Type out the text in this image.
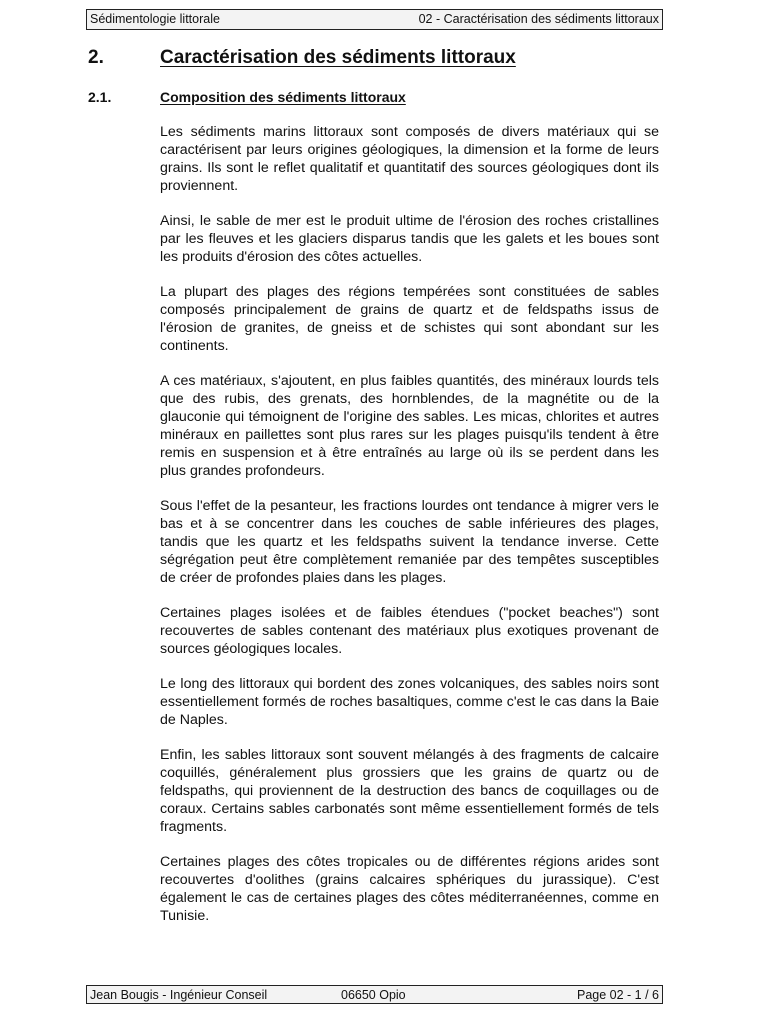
Sédimentologie littorale	02 - Caractérisation des sédiments littoraux
2.	Caractérisation des sédiments littoraux
2.1.	Composition des sédiments littoraux

Les sédiments marins littoraux sont composés de divers matériaux qui se caractérisent par leurs origines géologiques, la dimension et la forme de leurs grains. Ils sont le reflet qualitatif et quantitatif des sources géologiques dont ils proviennent.

Ainsi, le sable de mer est le produit ultime de l'érosion des roches cristallines par les fleuves et les glaciers disparus tandis que les galets et les boues sont les produits d'érosion des côtes actuelles.

La plupart des plages des régions tempérées sont constituées de sables composés principalement de grains de quartz et de feldspaths issus de l'érosion de granites, de gneiss et de schistes qui sont abondant sur les continents.

A ces matériaux, s'ajoutent, en plus faibles quantités, des minéraux lourds tels que des rubis, des grenats, des hornblendes, de la magnétite ou de la glauconie qui témoignent de l'origine des sables. Les micas, chlorites et autres minéraux en paillettes sont plus rares sur les plages puisqu'ils tendent à être remis en suspension et à être entraînés au large où ils se perdent dans les plus grandes profondeurs.

Sous l'effet de la pesanteur, les fractions lourdes ont tendance à migrer vers le bas et à se concentrer dans les couches de sable inférieures des plages, tandis que les quartz et les feldspaths suivent la tendance inverse. Cette ségrégation peut être complètement remaniée par des tempêtes susceptibles de créer de profondes plaies dans les plages.

Certaines plages isolées et de faibles étendues ("pocket beaches") sont recouvertes de sables contenant des matériaux plus exotiques provenant de sources géologiques locales.

Le long des littoraux qui bordent des zones volcaniques, des sables noirs sont essentiellement formés de roches basaltiques, comme c'est le cas dans la Baie de Naples.

Enfin, les sables littoraux sont souvent mélangés à des fragments de calcaire coquillés, généralement plus grossiers que les grains de quartz ou de feldspaths, qui proviennent de la destruction des bancs de coquillages ou de coraux. Certains sables carbonatés sont même essentiellement formés de tels fragments.

Certaines plages des côtes tropicales ou de différentes régions arides sont recouvertes d'oolithes (grains calcaires sphériques du jurassique). C'est également le cas de certaines plages des côtes méditerranéennes, comme en Tunisie.

Jean Bougis - Ingénieur Conseil	06650 Opio	Page 02 - 1 / 6
